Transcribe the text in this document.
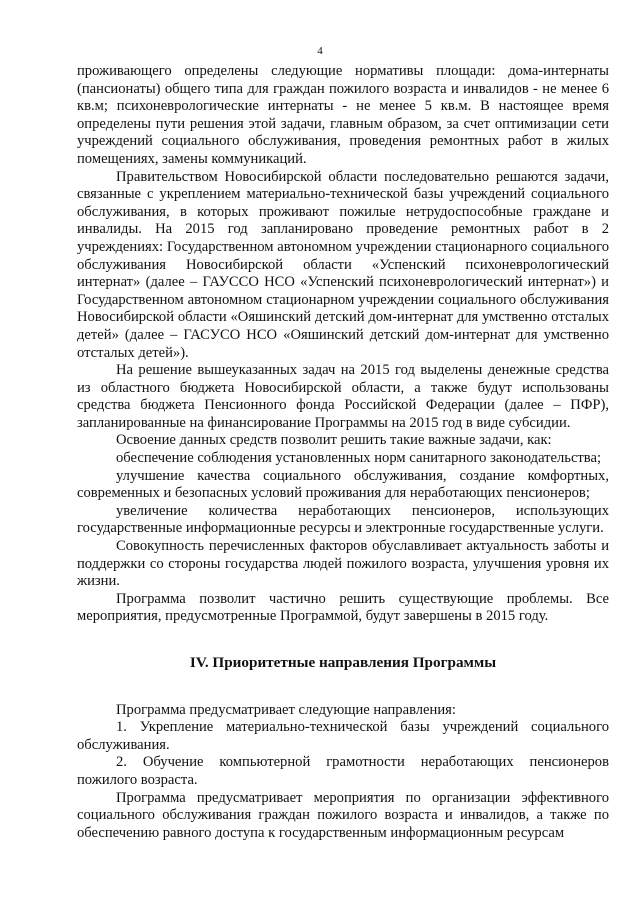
4

проживающего определены следующие нормативы площади: дома-интернаты (пансионаты) общего типа для граждан пожилого возраста и инвалидов - не менее 6 кв.м; психоневрологические интернаты - не менее 5 кв.м. В настоящее время определены пути решения этой задачи, главным образом, за счет оптимизации сети учреждений социального обслуживания, проведения ремонтных работ в жилых помещениях, замены коммуникаций.

Правительством Новосибирской области последовательно решаются задачи, связанные с укреплением материально-технической базы учреждений социального обслуживания, в которых проживают пожилые нетрудоспособные граждане и инвалиды. На 2015 год запланировано проведение ремонтных работ в 2 учреждениях: Государственном автономном учреждении стационарного социального обслуживания Новосибирской области «Успенский психоневрологический интернат» (далее – ГАУССО НСО «Успенский психоневрологический интернат») и Государственном автономном стационарном учреждении социального обслуживания Новосибирской области «Ояшинский детский дом-интернат для умственно отсталых детей» (далее – ГАСУСО НСО «Ояшинский детский дом-интернат для умственно отсталых детей»).

На решение вышеуказанных задач на 2015 год выделены денежные средства из областного бюджета Новосибирской области, а также будут использованы средства бюджета Пенсионного фонда Российской Федерации (далее – ПФР), запланированные на финансирование Программы на 2015 год в виде субсидии.

Освоение данных средств позволит решить такие важные задачи, как:

обеспечение соблюдения установленных норм санитарного законодательства;

улучшение качества социального обслуживания, создание комфортных, современных и безопасных условий проживания для неработающих пенсионеров;

увеличение количества неработающих пенсионеров, использующих государственные информационные ресурсы и электронные государственные услуги.

Совокупность перечисленных факторов обуславливает актуальность заботы и поддержки со стороны государства людей пожилого возраста, улучшения уровня их жизни.

Программа позволит частично решить существующие проблемы. Все мероприятия, предусмотренные Программой, будут завершены в 2015 году.

IV. Приоритетные направления Программы

Программа предусматривает следующие направления:

1. Укрепление материально-технической базы учреждений социального обслуживания.

2. Обучение компьютерной грамотности неработающих пенсионеров пожилого возраста.

Программа предусматривает мероприятия по организации эффективного социального обслуживания граждан пожилого возраста и инвалидов, а также по обеспечению равного доступа к государственным информационным ресурсам
